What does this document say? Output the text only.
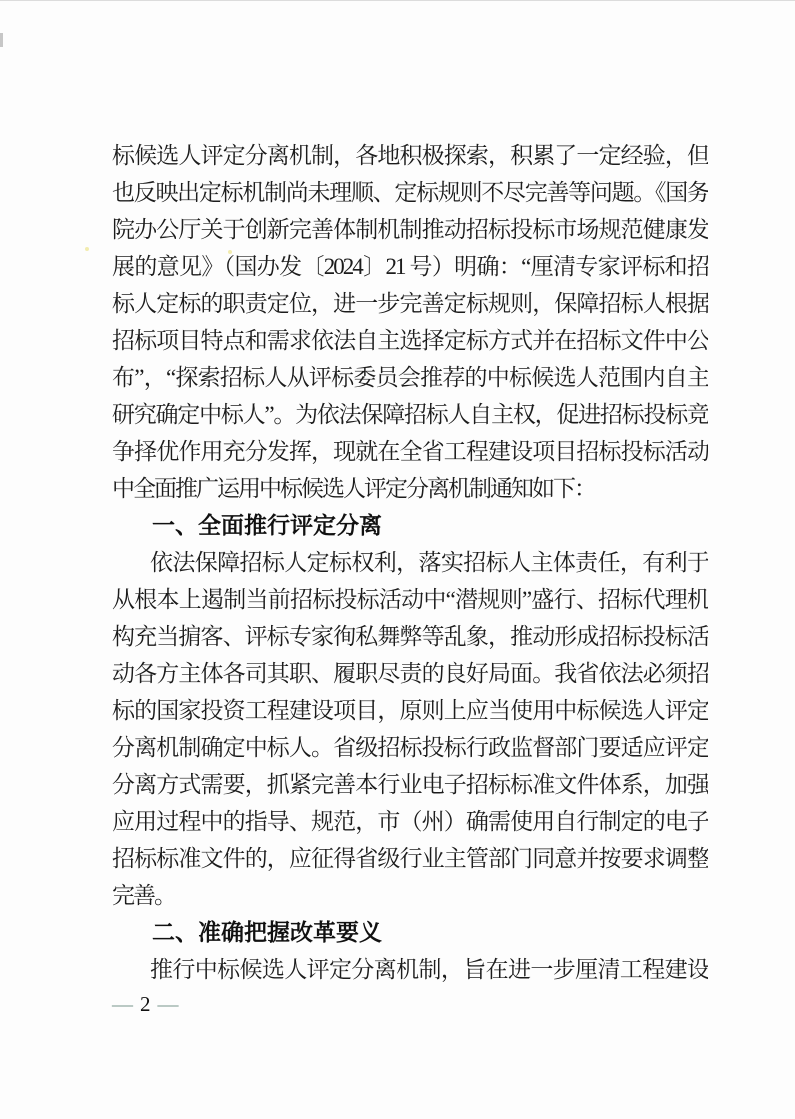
标候选人评定分离机制，各地积极探索，积累了一定经验，但
也反映出定标机制尚未理顺、定标规则不尽完善等问题。《国务
院办公厅关于创新完善体制机制推动招标投标市场规范健康发
展的意见》（国办发〔2024〕21 号）明确：“厘清专家评标和招
标人定标的职责定位，进一步完善定标规则，保障招标人根据
招标项目特点和需求依法自主选择定标方式并在招标文件中公
布”，“探索招标人从评标委员会推荐的中标候选人范围内自主
研究确定中标人”。为依法保障招标人自主权，促进招标投标竞
争择优作用充分发挥，现就在全省工程建设项目招标投标活动
中全面推广运用中标候选人评定分离机制通知如下：
一、全面推行评定分离
依法保障招标人定标权利，落实招标人主体责任，有利于
从根本上遏制当前招标投标活动中“潜规则”盛行、招标代理机
构充当掮客、评标专家徇私舞弊等乱象，推动形成招标投标活
动各方主体各司其职、履职尽责的良好局面。我省依法必须招
标的国家投资工程建设项目，原则上应当使用中标候选人评定
分离机制确定中标人。省级招标投标行政监督部门要适应评定
分离方式需要，抓紧完善本行业电子招标标准文件体系，加强
应用过程中的指导、规范，市（州）确需使用自行制定的电子
招标标准文件的，应征得省级行业主管部门同意并按要求调整
完善。
二、准确把握改革要义
推行中标候选人评定分离机制，旨在进一步厘清工程建设
— 2 —
